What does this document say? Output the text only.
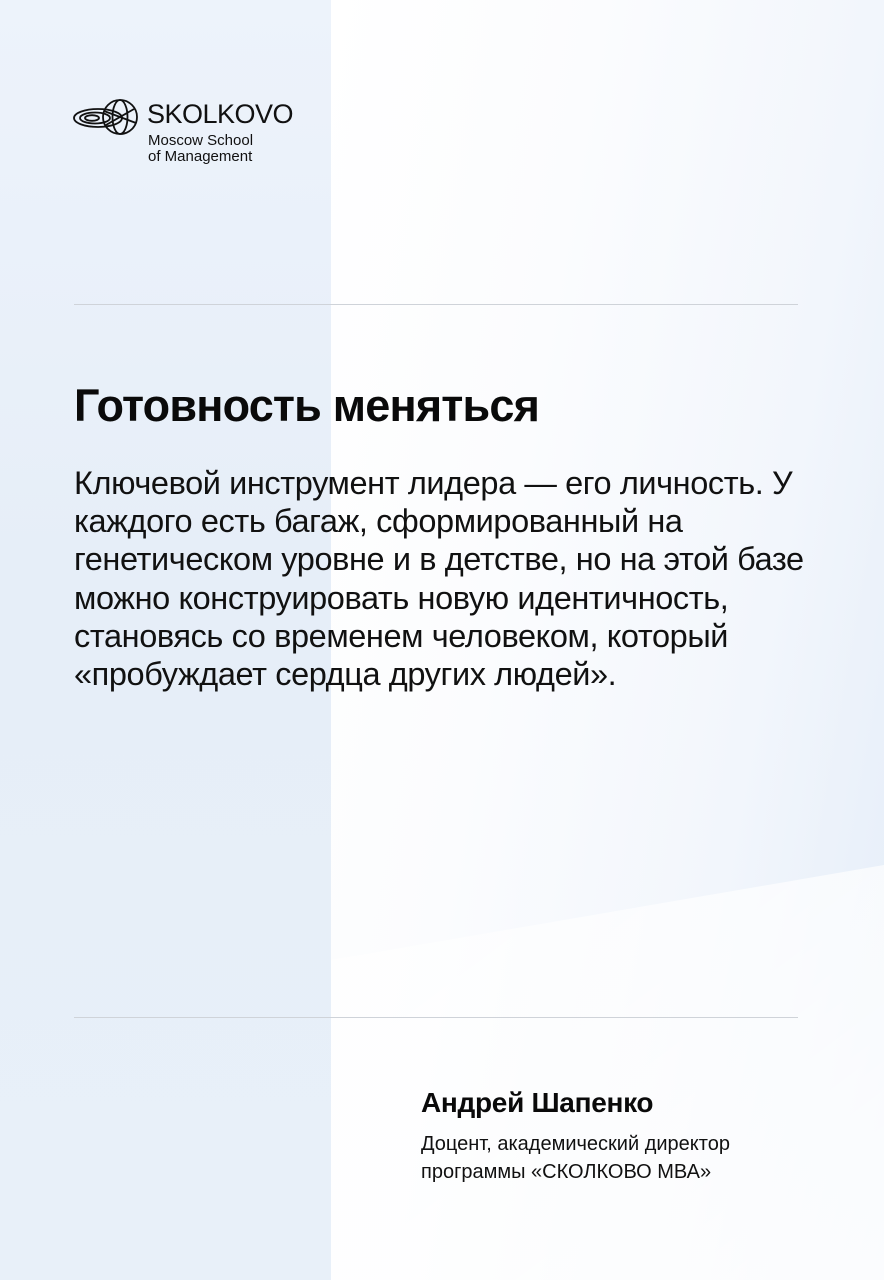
SKOLKOVO
Moscow School
of Management
Готовность меняться

Ключевой инструмент лидера — его личность. У каждого есть багаж, сформированный на генетическом уровне и в детстве, но на этой базе можно конструировать новую идентичность, становясь со временем человеком, который «пробуждает сердца других людей».

Андрей Шапенко

Доцент, академический директор программы «СКОЛКОВО МВА»
